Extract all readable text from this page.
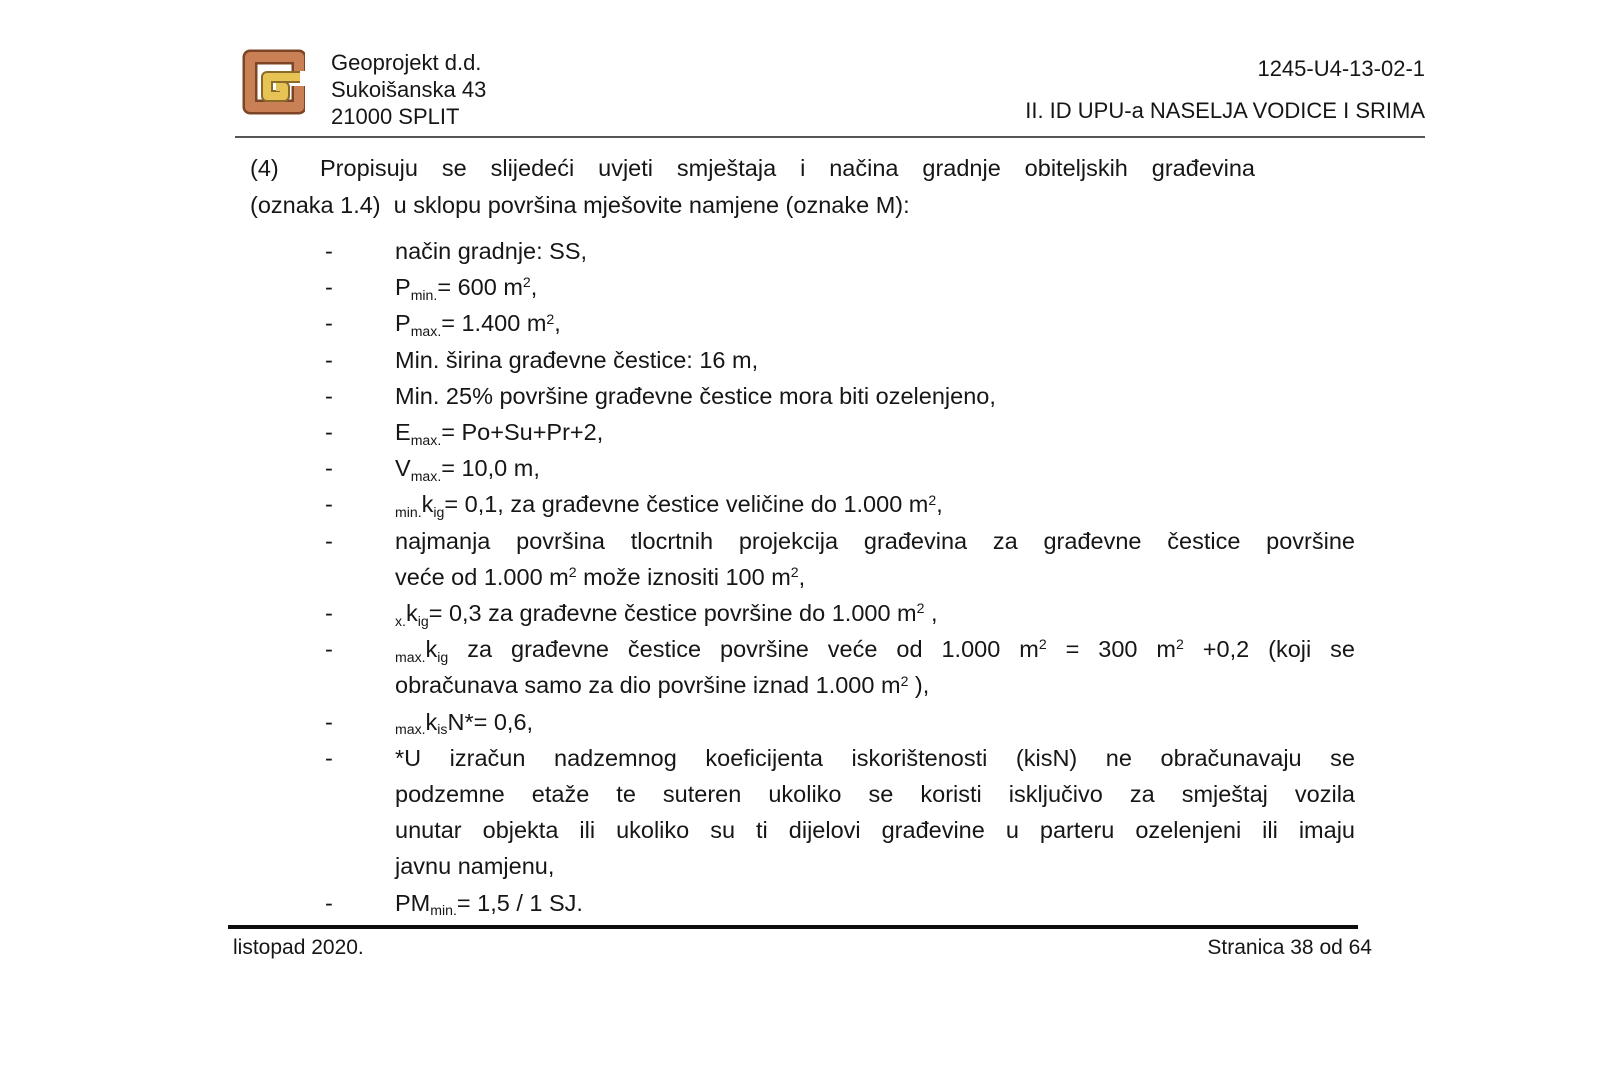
Geoprojekt d.d.
Sukoišanska 43
21000 SPLIT
1245-U4-13-02-1
II. ID UPU-a NASELJA VODICE I SRIMA

(4) Propisuju se slijedeći uvjeti smještaja i načina gradnje obiteljskih građevina
(oznaka 1.4)  u sklopu površina mješovite namjene (oznake M):

-	način gradnje: SS,
-	$P_{min.}= 600$ $m^2$,
-	$P_{max.}= 1.400$ $m^2$,
-	Min. širina građevne čestice: 16 m,
-	Min. 25% površine građevne čestice mora biti ozelenjeno,
-	$E_{max.}= Po+Su+Pr+2$,
-	$V_{max.}= 10,0$ m,
-	$_{min.}k_{ig}= 0,1$, za građevne čestice veličine do 1.000 $m^2$,
-	najmanja površina tlocrtnih projekcija građevina za građevne čestice površine
veće od 1.000 $m^2$ može iznositi 100 $m^2$,
-	$_{x.}k_{ig}= 0,3$ za građevne čestice površine do 1.000 $m^2$ ,
-	$_{max.}k_{ig}$ za građevne čestice površine veće od 1.000 $m^2 = 300$ $m^2 +0,2$ (koji se
obračunava samo za dio površine iznad 1.000 $m^2$ ),
-	$_{max.}k_{is}N*= 0,6$,
-	*U izračun nadzemnog koeficijenta iskorištenosti (kisN) ne obračunavaju se
podzemne etaže te suteren ukoliko se koristi isključivo za smještaj vozila
unutar objekta ili ukoliko su ti dijelovi građevine u parteru ozelenjeni ili imaju
javnu namjenu,
-	$PM_{min.}= 1,5 / 1$ SJ.
listopad 2020.	Stranica 38 od 64
